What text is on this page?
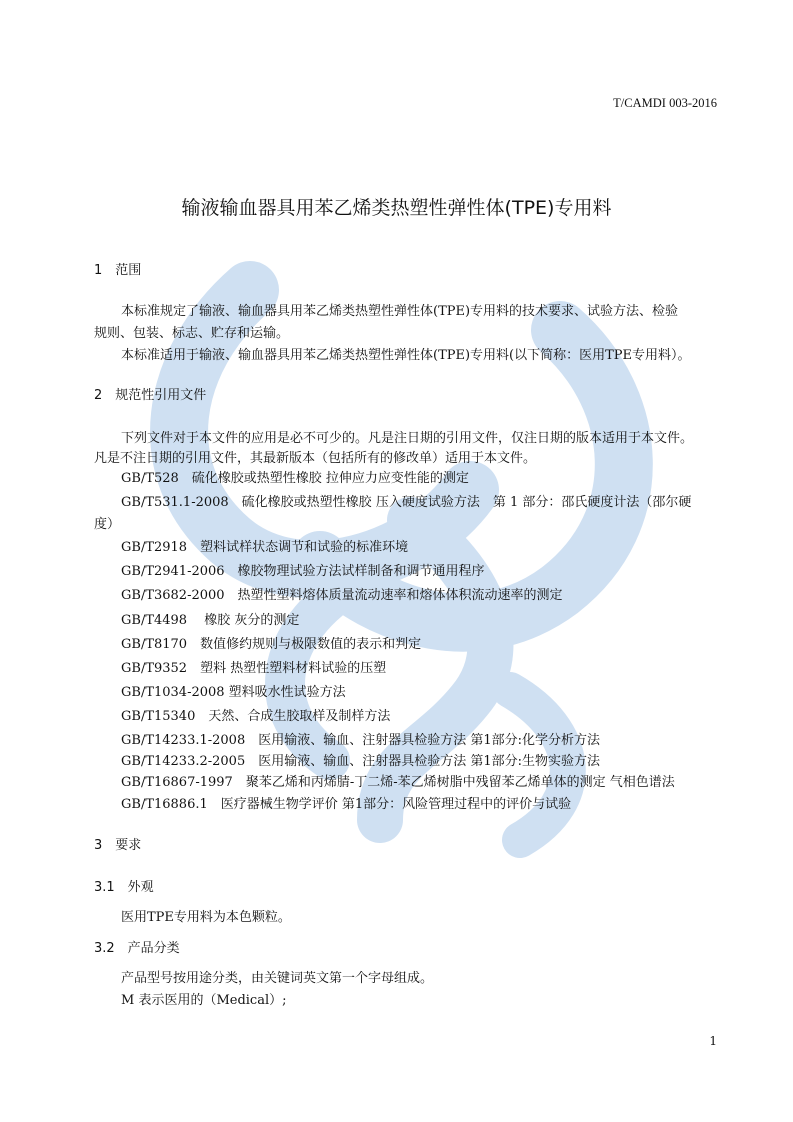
T/CAMDI 003-2016
输液输血器具用苯乙烯类热塑性弹性体(TPE)专用料
1　范围
本标准规定了输液、输血器具用苯乙烯类热塑性弹性体(TPE)专用料的技术要求、试验方法、检验
规则、包装、标志、贮存和运输。
本标准适用于输液、输血器具用苯乙烯类热塑性弹性体(TPE)专用料(以下简称：医用TPE专用料）。
2　规范性引用文件
下列文件对于本文件的应用是必不可少的。凡是注日期的引用文件，仅注日期的版本适用于本文件。
凡是不注日期的引用文件，其最新版本（包括所有的修改单）适用于本文件。
GB/T528　硫化橡胶或热塑性橡胶 拉伸应力应变性能的测定
GB/T531.1-2008　硫化橡胶或热塑性橡胶 压入硬度试验方法　第 1 部分：邵氏硬度计法（邵尔硬
度）
GB/T2918　塑料试样状态调节和试验的标准环境
GB/T2941-2006　橡胶物理试验方法试样制备和调节通用程序
GB/T3682-2000　热塑性塑料熔体质量流动速率和熔体体积流动速率的测定
GB/T4498　 橡胶 灰分的测定
GB/T8170　数值修约规则与极限数值的表示和判定
GB/T9352　塑料 热塑性塑料材料试验的压塑
GB/T1034-2008 塑料吸水性试验方法
GB/T15340　天然、合成生胶取样及制样方法
GB/T14233.1-2008　医用输液、输血、注射器具检验方法 第1部分:化学分析方法
GB/T14233.2-2005　医用输液、输血、注射器具检验方法 第1部分:生物实验方法
GB/T16867-1997　聚苯乙烯和丙烯腈-丁二烯-苯乙烯树脂中残留苯乙烯单体的测定 气相色谱法
GB/T16886.1　医疗器械生物学评价 第1部分：风险管理过程中的评价与试验
3　要求
3.1　外观
医用TPE专用料为本色颗粒。
3.2　产品分类
产品型号按用途分类，由关键词英文第一个字母组成。
M 表示医用的（Medical）;
1
